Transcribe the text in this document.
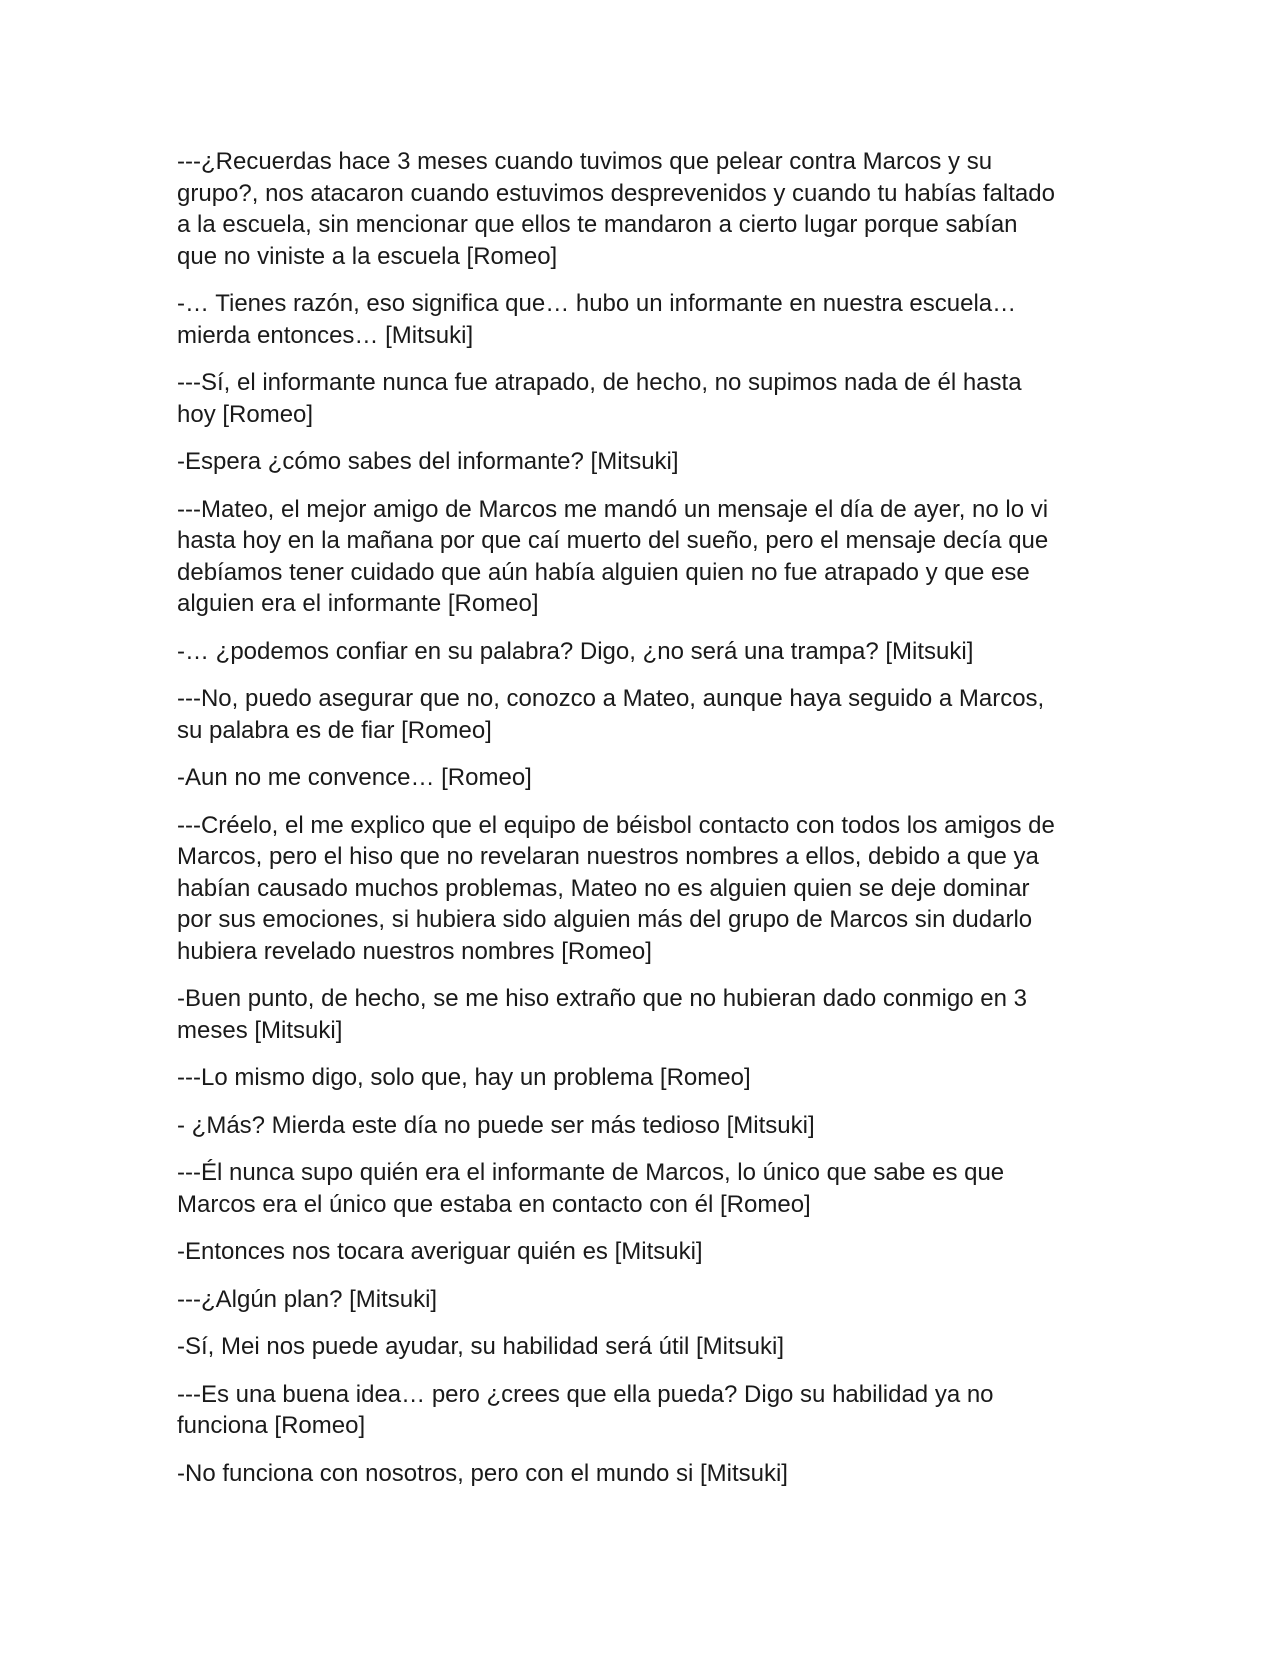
---¿Recuerdas hace 3 meses cuando tuvimos que pelear contra Marcos y su
grupo?, nos atacaron cuando estuvimos desprevenidos y cuando tu habías faltado
a la escuela, sin mencionar que ellos te mandaron a cierto lugar porque sabían
que no viniste a la escuela [Romeo]

-… Tienes razón, eso significa que… hubo un informante en nuestra escuela…
mierda entonces… [Mitsuki]

---Sí, el informante nunca fue atrapado, de hecho, no supimos nada de él hasta
hoy [Romeo]

-Espera ¿cómo sabes del informante? [Mitsuki]

---Mateo, el mejor amigo de Marcos me mandó un mensaje el día de ayer, no lo vi
hasta hoy en la mañana por que caí muerto del sueño, pero el mensaje decía que
debíamos tener cuidado que aún había alguien quien no fue atrapado y que ese
alguien era el informante [Romeo]

-… ¿podemos confiar en su palabra? Digo, ¿no será una trampa? [Mitsuki]

---No, puedo asegurar que no, conozco a Mateo, aunque haya seguido a Marcos,
su palabra es de fiar [Romeo]

-Aun no me convence… [Romeo]

---Créelo, el me explico que el equipo de béisbol contacto con todos los amigos de
Marcos, pero el hiso que no revelaran nuestros nombres a ellos, debido a que ya
habían causado muchos problemas, Mateo no es alguien quien se deje dominar
por sus emociones, si hubiera sido alguien más del grupo de Marcos sin dudarlo
hubiera revelado nuestros nombres [Romeo]

-Buen punto, de hecho, se me hiso extraño que no hubieran dado conmigo en 3
meses [Mitsuki]

---Lo mismo digo, solo que, hay un problema [Romeo]

- ¿Más? Mierda este día no puede ser más tedioso [Mitsuki]

---Él nunca supo quién era el informante de Marcos, lo único que sabe es que
Marcos era el único que estaba en contacto con él [Romeo]

-Entonces nos tocara averiguar quién es [Mitsuki]

---¿Algún plan? [Mitsuki]

-Sí, Mei nos puede ayudar, su habilidad será útil [Mitsuki]

---Es una buena idea… pero ¿crees que ella pueda? Digo su habilidad ya no
funciona [Romeo]

-No funciona con nosotros, pero con el mundo si [Mitsuki]
